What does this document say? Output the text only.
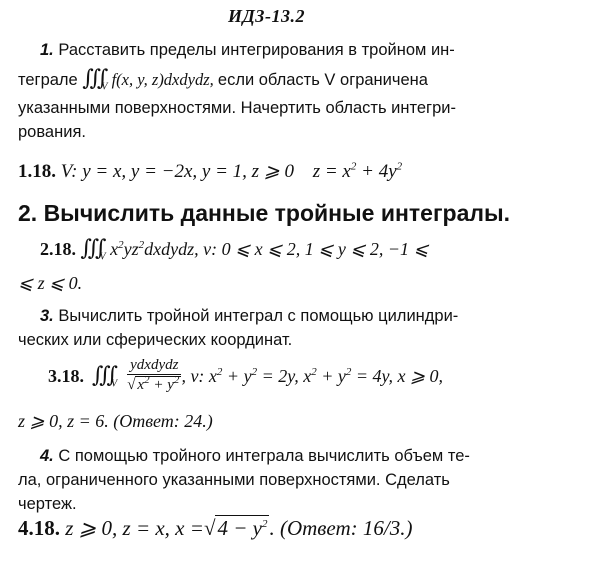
ИДЗ-13.2
1. Расставить пределы интегрирования в тройном ин-
теграле $∭_V$ f(x, y, z)dxdydz, если область V ограничена
указанными поверхностями. Начертить область интегри-
рования.
1.18. V: y = x, y = −2x, y = 1, z ⩾ 0 $z = x^2 + 4y^2$
2. Вычислить данные тройные интегралы.
2.18. $∭_V$ $x^2yz^2dxdydz$, v: 0 ⩽ x ⩽ 2, 1 ⩽ y ⩽ 2, −1 ⩽
⩽ z ⩽ 0.
3. Вычислить тройной интеграл с помощью цилиндри-
ческих или сферических координат.
3.18. $∭_V \frac{\text{ydxdydz}}{√ x^2 + y^2}$ , v: $x^2 + y^2 = 2y$, $x^2 + y^2 = 4y$, x ⩾ 0,
z ⩾ 0, z = 6. (Ответ: 24.)
4. С помощью тройного интеграла вычислить объем те-
ла, ограниченного указанными поверхностями. Сделать
чертеж.
4.18. z ⩾ 0, z = x, $x =√4 - y^2$. (Ответ: 16/3.)
